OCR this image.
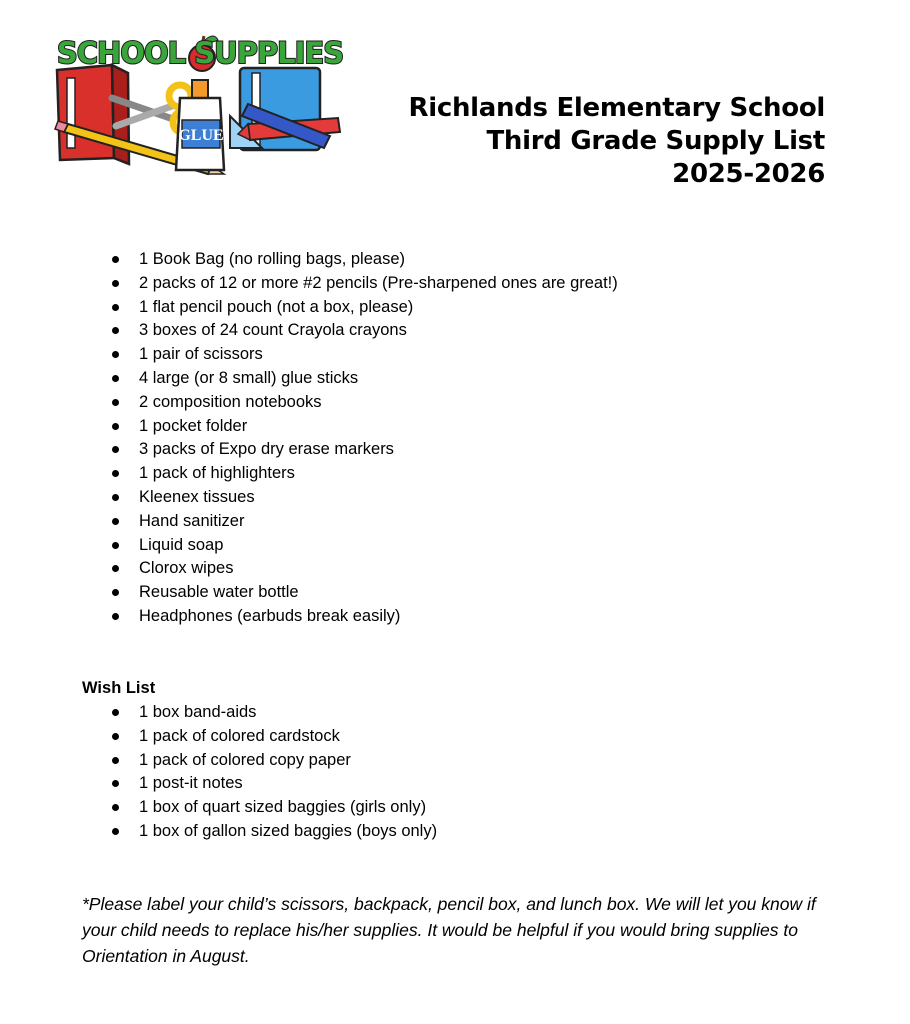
GLUE
SCHOOL SUPPLIES
Richlands Elementary School
Third Grade Supply List
2025-2026
1 Book Bag (no rolling bags, please)
2 packs of 12 or more #2 pencils (Pre-sharpened ones are great!)
1 flat pencil pouch (not a box, please)
3 boxes of 24 count Crayola crayons
1 pair of scissors
4 large (or 8 small) glue sticks
2 composition notebooks
1 pocket folder
3 packs of Expo dry erase markers
1 pack of highlighters
Kleenex tissues
Hand sanitizer
Liquid soap
Clorox wipes
Reusable water bottle
Headphones (earbuds break easily)
Wish List
1 box band-aids
1 pack of colored cardstock
1 pack of colored copy paper
1 post-it notes
1 box of quart sized baggies (girls only)
1 box of gallon sized baggies (boys only)
*Please label your child’s scissors, backpack, pencil box, and lunch box. We will let you know if your child needs to replace his/her supplies. It would be helpful if you would bring supplies to Orientation in August.
